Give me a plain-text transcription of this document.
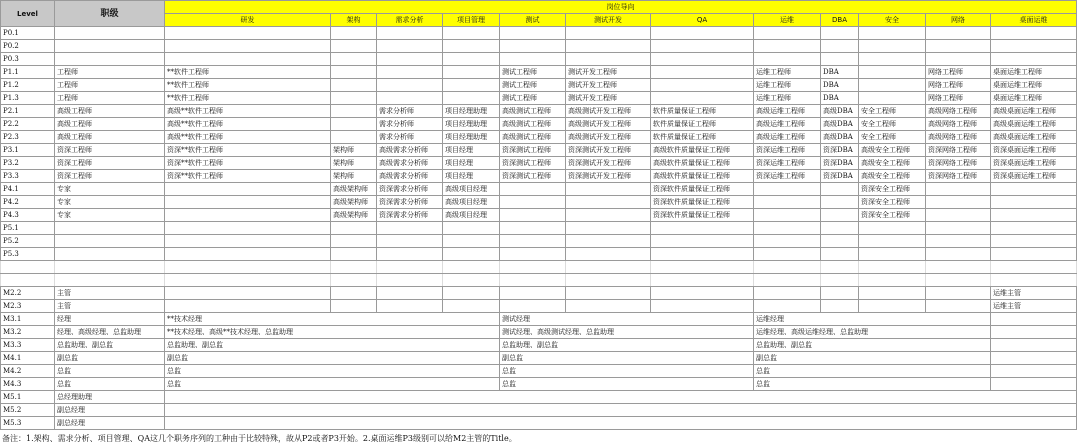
Level	职级	岗位导向											
		研发	架构	需求分析	项目管理	测试	测试开发	QA	运维	DBA	安全	网络	桌面运维
P0.1													
P0.2													
P0.3													
P1.1	工程师	**软件工程师				测试工程师	测试开发工程师		运维工程师	DBA		网络工程师	桌面运维工程师
P1.2	工程师	**软件工程师				测试工程师	测试开发工程师		运维工程师	DBA		网络工程师	桌面运维工程师
P1.3	工程师	**软件工程师				测试工程师	测试开发工程师		运维工程师	DBA		网络工程师	桌面运维工程师
P2.1	高级工程师	高级**软件工程师		需求分析师	项目经理助理	高级测试工程师	高级测试开发工程师	软件质量保证工程师	高级运维工程师	高级DBA	安全工程师	高级网络工程师	高级桌面运维工程师
P2.2	高级工程师	高级**软件工程师		需求分析师	项目经理助理	高级测试工程师	高级测试开发工程师	软件质量保证工程师	高级运维工程师	高级DBA	安全工程师	高级网络工程师	高级桌面运维工程师
P2.3	高级工程师	高级**软件工程师		需求分析师	项目经理助理	高级测试工程师	高级测试开发工程师	软件质量保证工程师	高级运维工程师	高级DBA	安全工程师	高级网络工程师	高级桌面运维工程师
P3.1	资深工程师	资深**软件工程师	架构师	高级需求分析师	项目经理	资深测试工程师	资深测试开发工程师	高级软件质量保证工程师	资深运维工程师	资深DBA	高级安全工程师	资深网络工程师	资深桌面运维工程师
P3.2	资深工程师	资深**软件工程师	架构师	高级需求分析师	项目经理	资深测试工程师	资深测试开发工程师	高级软件质量保证工程师	资深运维工程师	资深DBA	高级安全工程师	资深网络工程师	资深桌面运维工程师
P3.3	资深工程师	资深**软件工程师	架构师	高级需求分析师	项目经理	资深测试工程师	资深测试开发工程师	高级软件质量保证工程师	资深运维工程师	资深DBA	高级安全工程师	资深网络工程师	资深桌面运维工程师
P4.1	专家		高级架构师	资深需求分析师	高级项目经理			资深软件质量保证工程师			资深安全工程师		
P4.2	专家		高级架构师	资深需求分析师	高级项目经理			资深软件质量保证工程师			资深安全工程师		
P4.3	专家		高级架构师	资深需求分析师	高级项目经理			资深软件质量保证工程师			资深安全工程师		
P5.1													
P5.2													
P5.3													

M2.2	主管												运维主管
M2.3	主管												运维主管
M3.1	经理	**技术经理				测试经理			运维经理				
M3.2	经理、高级经理、总监助理	**技术经理、高级**技术经理、总监助理				测试经理、高级测试经理、总监助理			运维经理、高级运维经理、总监助理				
M3.3	总监助理、副总监	总监助理、副总监				总监助理、副总监			总监助理、副总监				
M4.1	副总监	副总监				副总监			副总监				
M4.2	总监	总监				总监			总监				
M4.3	总监	总监				总监			总监				
M5.1	总经理助理												
M5.2	副总经理												
M5.3	副总经理												
备注：1.架构、需求分析、项目管理、QA这几个职务序列的工种由于比较特殊，故从P2或者P3开始。2.桌面运维P3级别可以给M2主管的Title。
